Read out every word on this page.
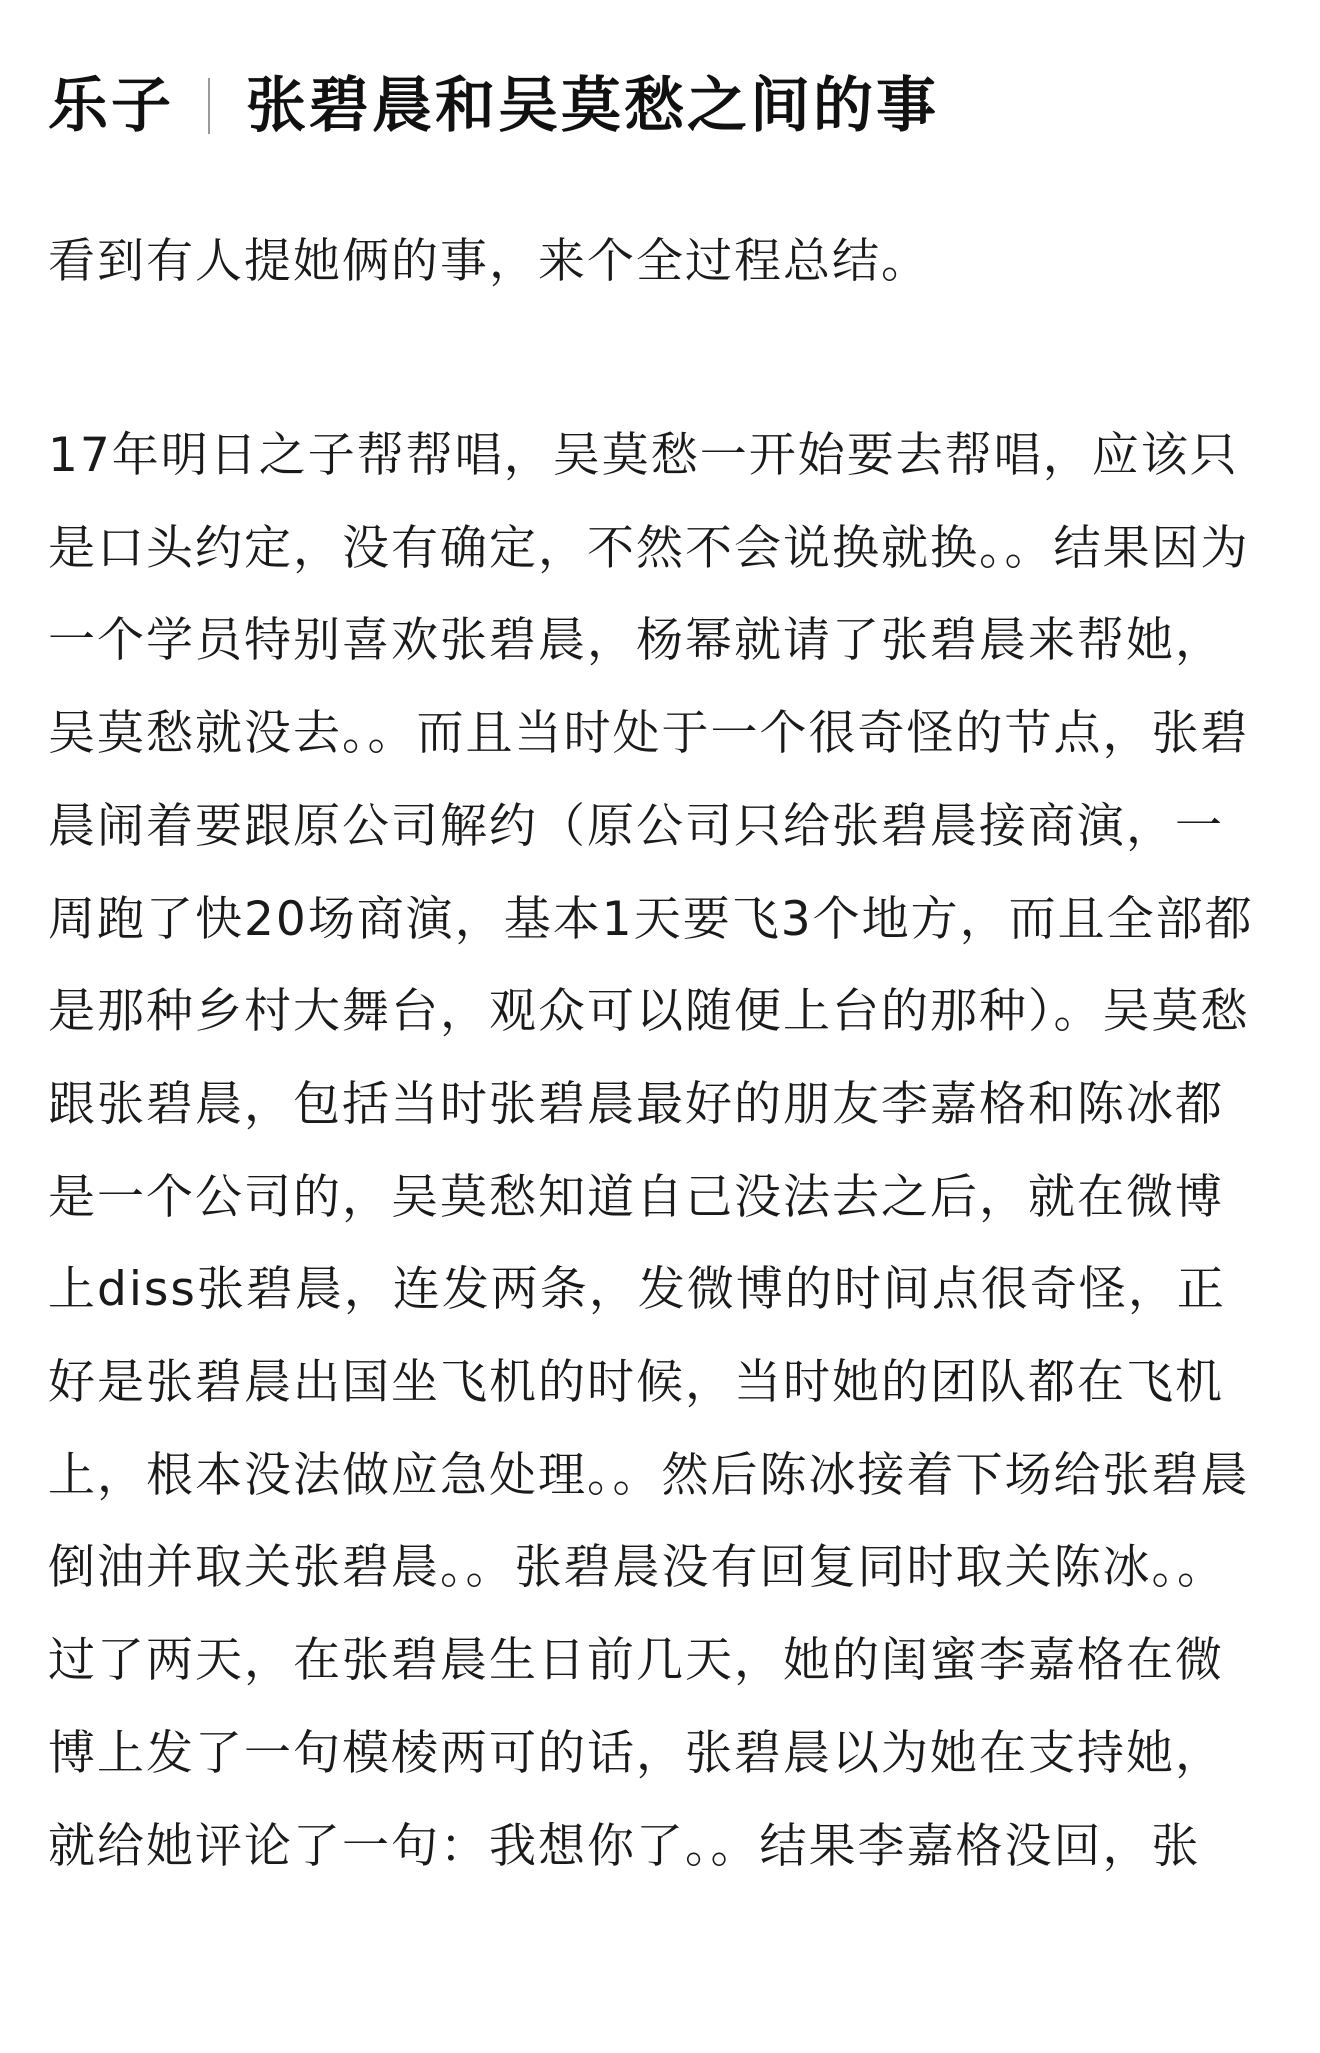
乐子 张碧晨和吴莫愁之间的事

看到有人提她俩的事，来个全过程总结。

17年明日之子帮帮唱，吴莫愁一开始要去帮唱，应该只是口头约定，没有确定，不然不会说换就换。。结果因为一个学员特别喜欢张碧晨，杨幂就请了张碧晨来帮她，吴莫愁就没去。。而且当时处于一个很奇怪的节点，张碧晨闹着要跟原公司解约（原公司只给张碧晨接商演，一周跑了快20场商演，基本1天要飞3个地方，而且全部都是那种乡村大舞台，观众可以随便上台的那种）。吴莫愁跟张碧晨，包括当时张碧晨最好的朋友李嘉格和陈冰都是一个公司的，吴莫愁知道自己没法去之后，就在微博上diss张碧晨，连发两条，发微博的时间点很奇怪，正好是张碧晨出国坐飞机的时候，当时她的团队都在飞机上，根本没法做应急处理。。然后陈冰接着下场给张碧晨倒油并取关张碧晨。。张碧晨没有回复同时取关陈冰。。过了两天，在张碧晨生日前几天，她的闺蜜李嘉格在微博上发了一句模棱两可的话，张碧晨以为她在支持她，就给她评论了一句：我想你了。。结果李嘉格没回，张
